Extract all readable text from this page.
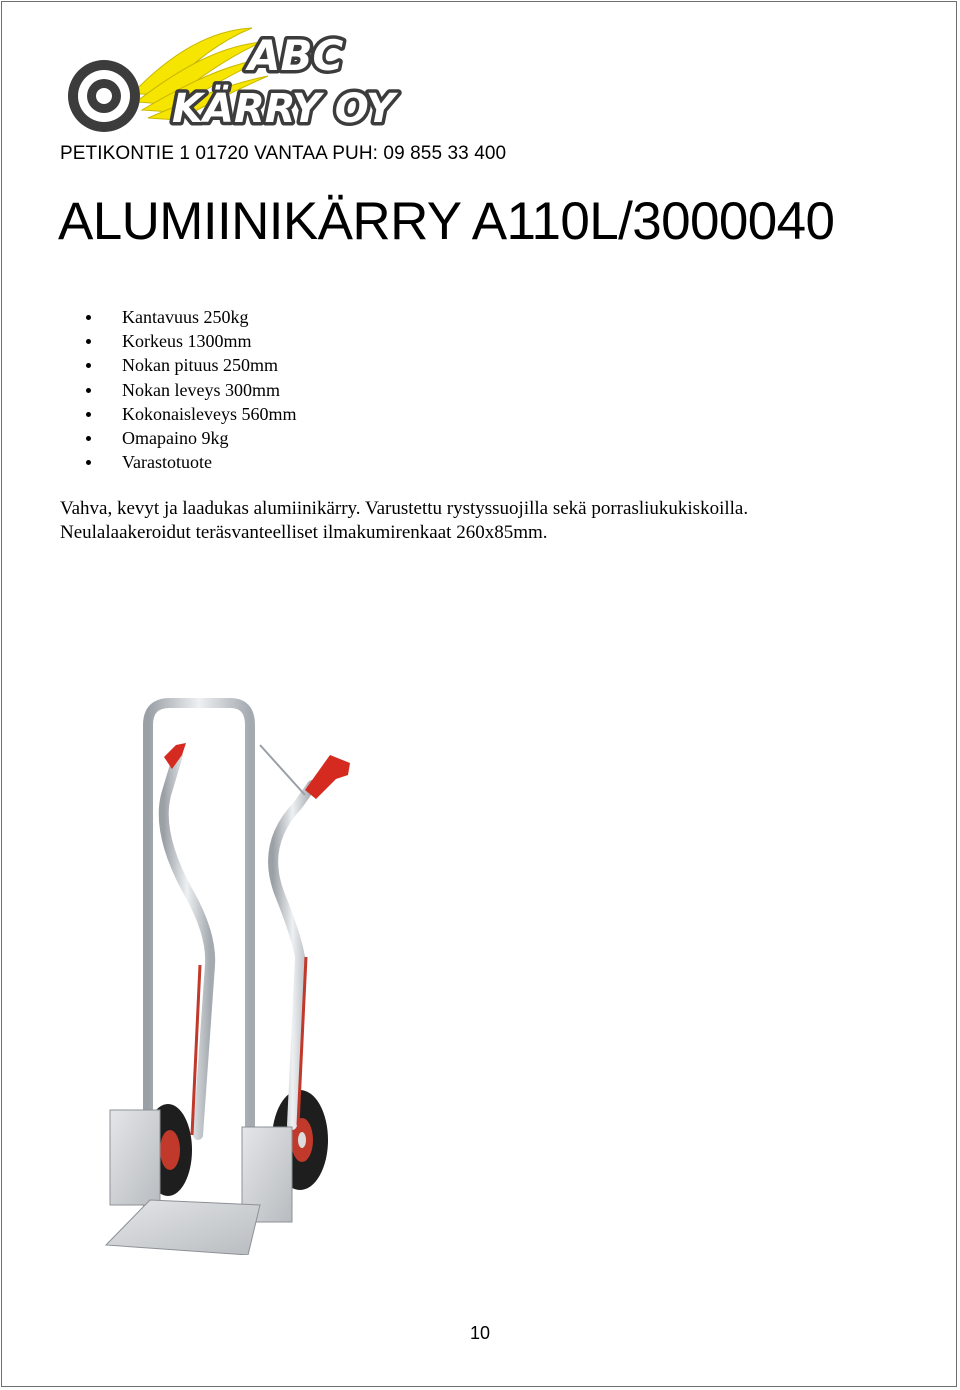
ABC
KÄRRY OY
PETIKONTIE 1 01720 VANTAA PUH: 09 855 33 400
ALUMIINIKÄRRY A110L/3000040
Kantavuus 250kg
Korkeus 1300mm
Nokan pituus 250mm
Nokan leveys 300mm
Kokonaisleveys 560mm
Omapaino 9kg
Varastotuote

Vahva, kevyt ja laadukas alumiinikärry. Varustettu rystyssuojilla sekä porrasliukukiskoilla.

Neulalaakeroidut teräsvanteelliset ilmakumirenkaat 260x85mm.

10
